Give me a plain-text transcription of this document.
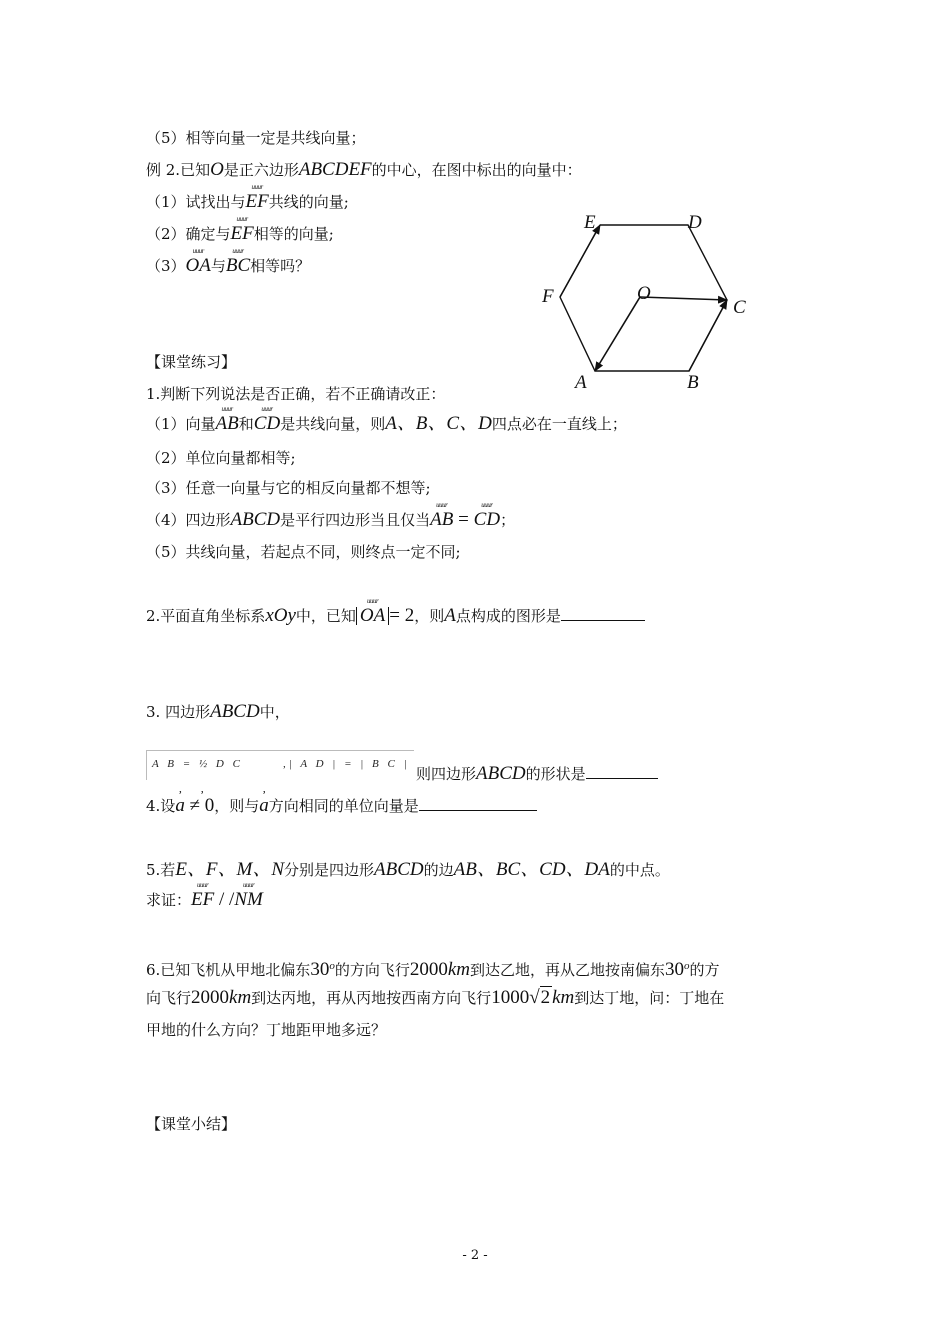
（5）相等向量一定是共线向量；
例 2.已知O是正六边形ABCDEF的中心，在图中标出的向量中：
（1）试找出与uuur EF共线的向量;
（2）确定与uuur EF相等的向量;
（3）uuur OA与uuur BC相等吗？
E	D
F	O
C
A	B
【课堂练习】
1.判断下列说法是否正确，若不正确请改正：
（1）向量uuur AB和uuur CD是共线向量，则A、B、C、D四点必在一直线上；
（2）单位向量都相等;
（3）任意一向量与它的相反向量都不想等;
（4）四边形ABCD是平行四边形当且仅当uuur AB = uuur CD；
（5）共线向量，若起点不同，则终点一定不同;
2.平面直角坐标系xOy中，已知 uuur OA = 2，则A点构成的图形是
3. 四边形ABCD中，
A B = ½ D C	,| A D | = | B C |
则四边形ABCD的形状是
4.设, a , ≠ 0，则与, a方向相同的单位向量是
5.若E、F、M、N分别是四边形ABCD的边AB、BC、CD、DA的中点。
求证：uuur EF / /uuur NM
6.已知飞机从甲地北偏东30$^o$的方向飞行2000km到达乙地，再从乙地按南偏东30$^o$的方
向飞行2000km到达丙地，再从丙地按西南方向飞行1000√2 km到达丁地，问：丁地在
甲地的什么方向？丁地距甲地多远？
【课堂小结】
- 2 -
